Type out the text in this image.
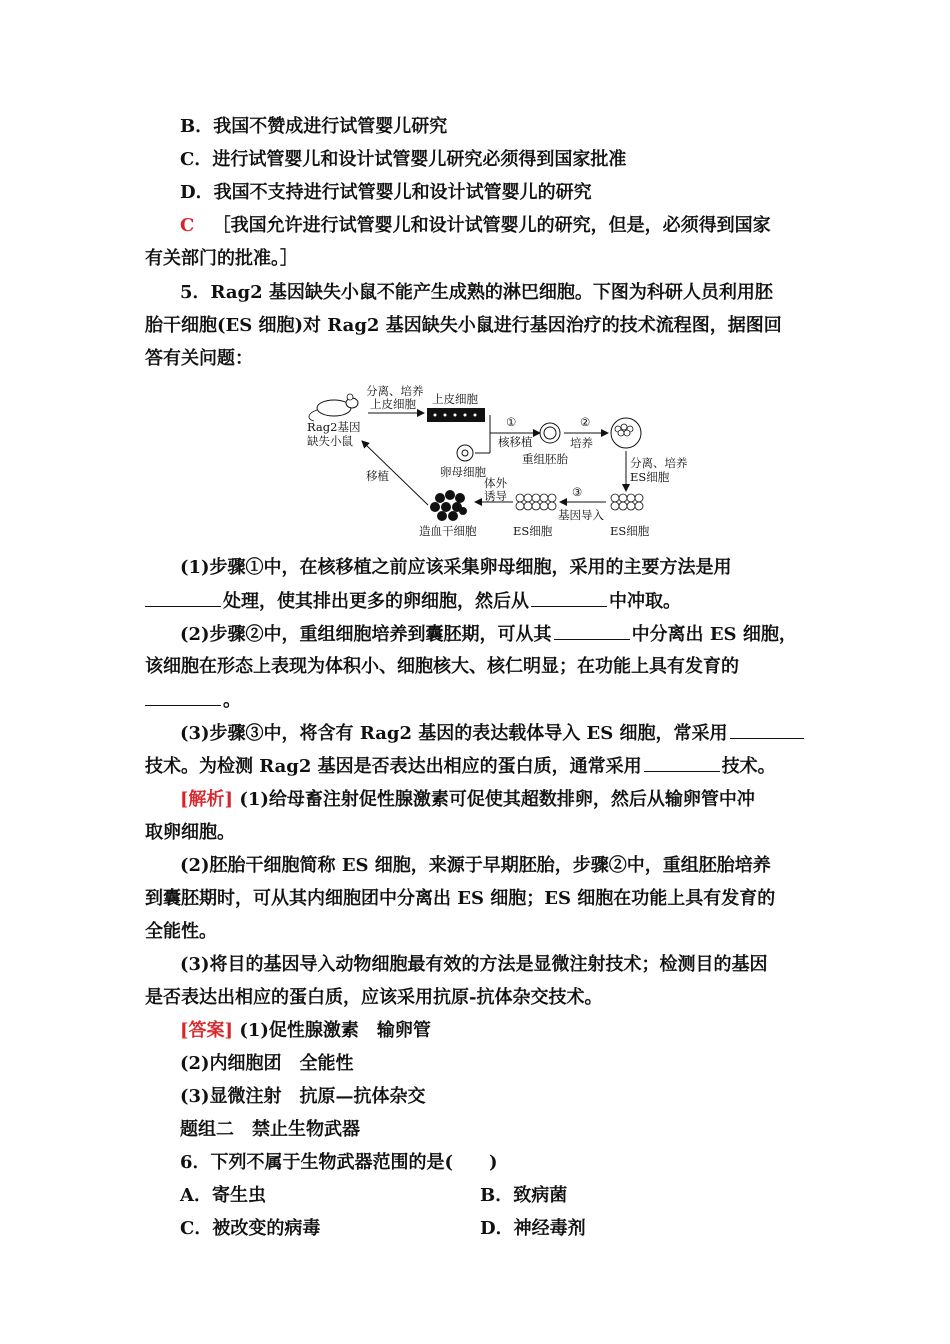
B．我国不赞成进行试管婴儿研究
C．进行试管婴儿和设计试管婴儿研究必须得到国家批准
D．我国不支持进行试管婴儿和设计试管婴儿的研究
C ［我国允许进行试管婴儿和设计试管婴儿的研究，但是，必须得到国家
有关部门的批准。］
5．Rag2 基因缺失小鼠不能产生成熟的淋巴细胞。下图为科研人员利用胚
胎干细胞(ES 细胞)对 Rag2 基因缺失小鼠进行基因治疗的技术流程图，据图回
答有关问题：
(1)步骤①中，在核移植之前应该采集卵母细胞，采用的主要方法是用
处理，使其排出更多的卵细胞，然后从	中冲取。
(2)步骤②中，重组细胞培养到囊胚期，可从其	中分离出 ES 细胞，
该细胞在形态上表现为体积小、细胞核大、核仁明显；在功能上具有发育的
。
(3)步骤③中，将含有 Rag2 基因的表达载体导入 ES 细胞，常采用
技术。为检测 Rag2 基因是否表达出相应的蛋白质，通常采用	技术。
[解析] (1)给母畜注射促性腺激素可促使其超数排卵，然后从输卵管中冲
取卵细胞。
(2)胚胎干细胞简称 ES 细胞，来源于早期胚胎，步骤②中，重组胚胎培养
到囊胚期时，可从其内细胞团中分离出 ES 细胞；ES 细胞在功能上具有发育的
全能性。
(3)将目的基因导入动物细胞最有效的方法是显微注射技术；检测目的基因
是否表达出相应的蛋白质，应该采用抗原-抗体杂交技术。
[答案] (1)促性腺激素　输卵管
(2)内细胞团　全能性
(3)显微注射　抗原—抗体杂交
题组二　禁止生物武器
6．下列不属于生物武器范围的是(　　)
A．寄生虫	B．致病菌
C．被改变的病毒	D．神经毒剂
Rag2基因
缺失小鼠
分离、培养
上皮细胞 上皮细胞
①
核移植
卵母细胞
重组胚胎
②
培养
分离、培养
ES细胞
ES细胞
③
基因导入
ES细胞
体外
诱导
造血干细胞
移植
